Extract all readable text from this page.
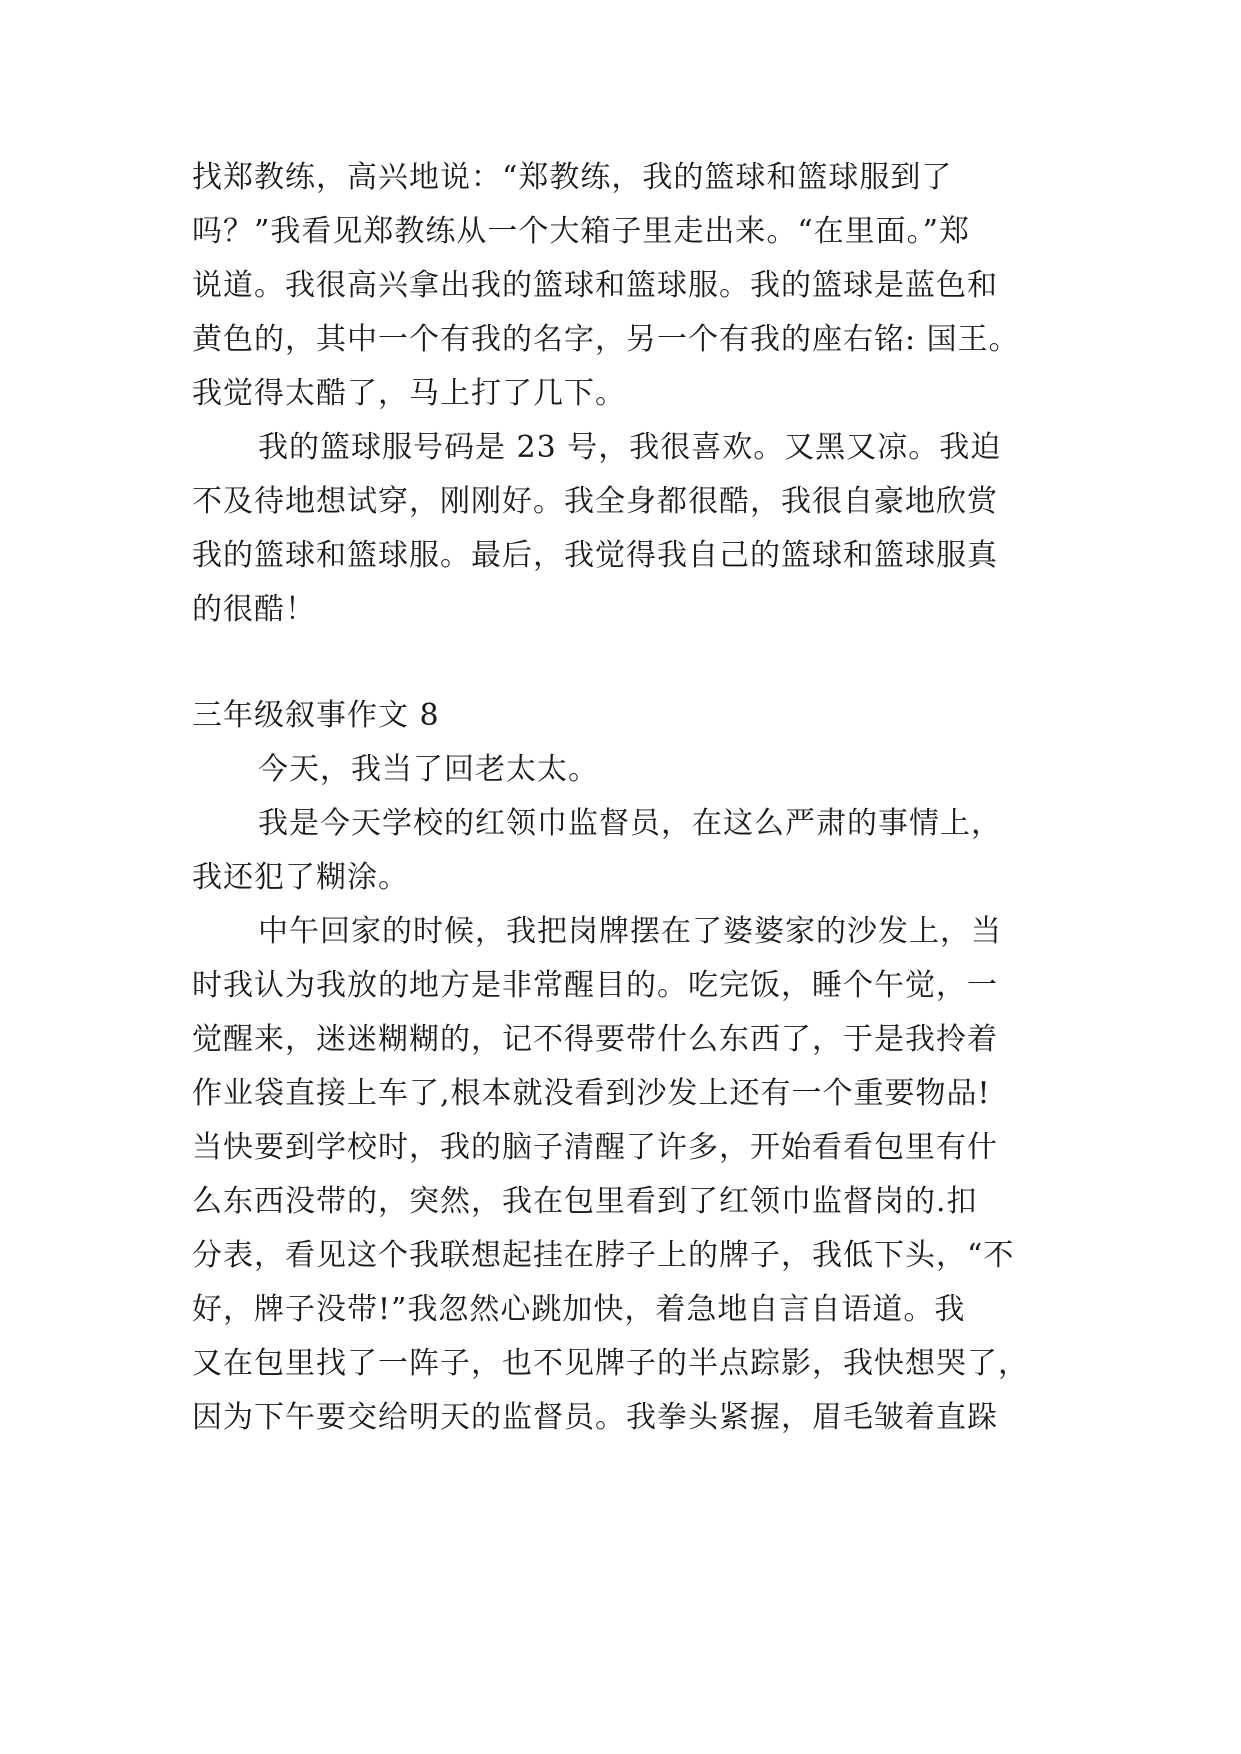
找郑教练，高兴地说：“郑教练，我的篮球和篮球服到了
吗？”我看见郑教练从一个大箱子里走出来。“在里面。”郑
说道。我很高兴拿出我的篮球和篮球服。我的篮球是蓝色和
黄色的，其中一个有我的名字，另一个有我的座右铭: 国王。
我觉得太酷了，马上打了几下。
我的篮球服号码是 23 号，我很喜欢。又黑又凉。我迫
不及待地想试穿，刚刚好。我全身都很酷，我很自豪地欣赏
我的篮球和篮球服。最后，我觉得我自己的篮球和篮球服真
的很酷！
三年级叙事作文 8
今天，我当了回老太太。
我是今天学校的红领巾监督员，在这么严肃的事情上，
我还犯了糊涂。
中午回家的时候，我把岗牌摆在了婆婆家的沙发上，当
时我认为我放的地方是非常醒目的。吃完饭，睡个午觉，一
觉醒来，迷迷糊糊的，记不得要带什么东西了，于是我拎着
作业袋直接上车了,根本就没看到沙发上还有一个重要物品!
当快要到学校时，我的脑子清醒了许多，开始看看包里有什
么东西没带的，突然，我在包里看到了红领巾监督岗的.扣
分表，看见这个我联想起挂在脖子上的牌子，我低下头，“不
好，牌子没带!”我忽然心跳加快，着急地自言自语道。我
又在包里找了一阵子，也不见牌子的半点踪影，我快想哭了，
因为下午要交给明天的监督员。我拳头紧握，眉毛皱着直跺
